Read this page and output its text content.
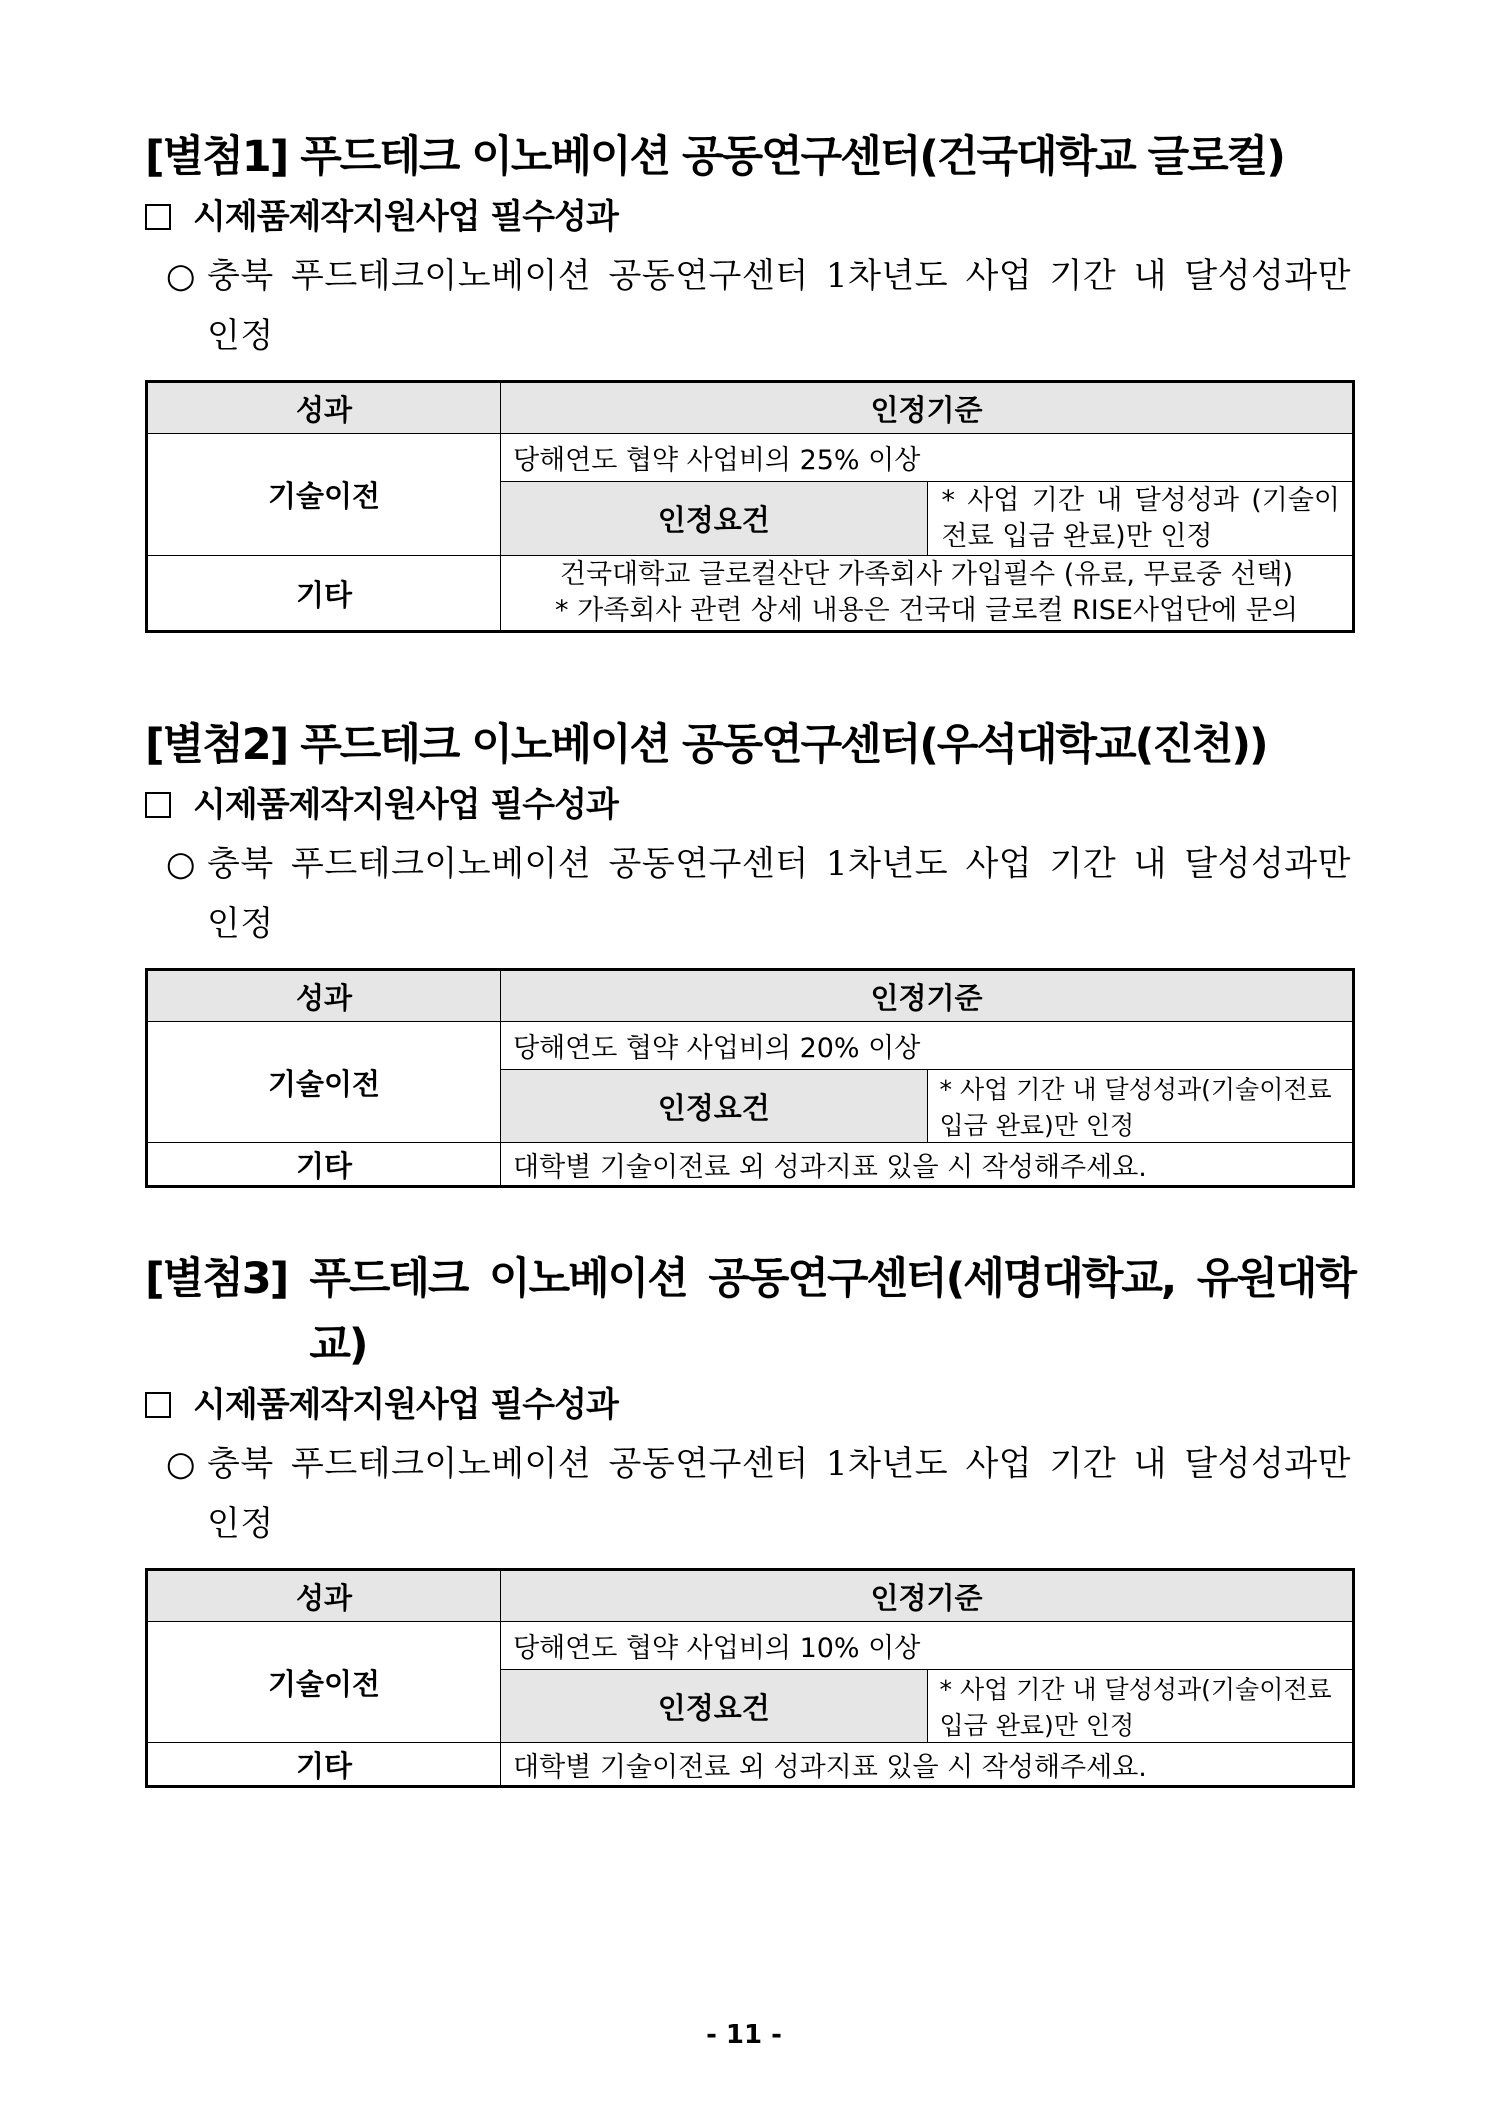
[별첨1] 푸드테크 이노베이션 공동연구센터(건국대학교 글로컬)
시제품제작지원사업 필수성과
○ 충북 푸드테크이노베이션 공동연구센터 1차년도 사업 기간 내 달성성과만 인정
성과	인정기준	
기술이전	당해연도 협약 사업비의 25% 이상	
	인정요건	* 사업 기간 내 달성성과 (기술이전료 입금 완료)만 인정
기타	건국대학교 글로컬산단 가족회사 가입필수 (유료, 무료중 선택)
* 가족회사 관련 상세 내용은 건국대 글로컬 RISE사업단에 문의	
[별첨2] 푸드테크 이노베이션 공동연구센터(우석대학교(진천))
시제품제작지원사업 필수성과
○ 충북 푸드테크이노베이션 공동연구센터 1차년도 사업 기간 내 달성성과만 인정
성과	인정기준	
기술이전	당해연도 협약 사업비의 20% 이상	
	인정요건	* 사업 기간 내 달성성과(기술이전료 입금 완료)만 인정
기타	대학별 기술이전료 외 성과지표 있을 시 작성해주세요.	
[별첨3] 푸드테크 이노베이션 공동연구센터(세명대학교, 유원대학교)
시제품제작지원사업 필수성과
○ 충북 푸드테크이노베이션 공동연구센터 1차년도 사업 기간 내 달성성과만 인정
성과	인정기준	
기술이전	당해연도 협약 사업비의 10% 이상	
	인정요건	* 사업 기간 내 달성성과(기술이전료 입금 완료)만 인정
기타	대학별 기술이전료 외 성과지표 있을 시 작성해주세요.	
- 11 -
